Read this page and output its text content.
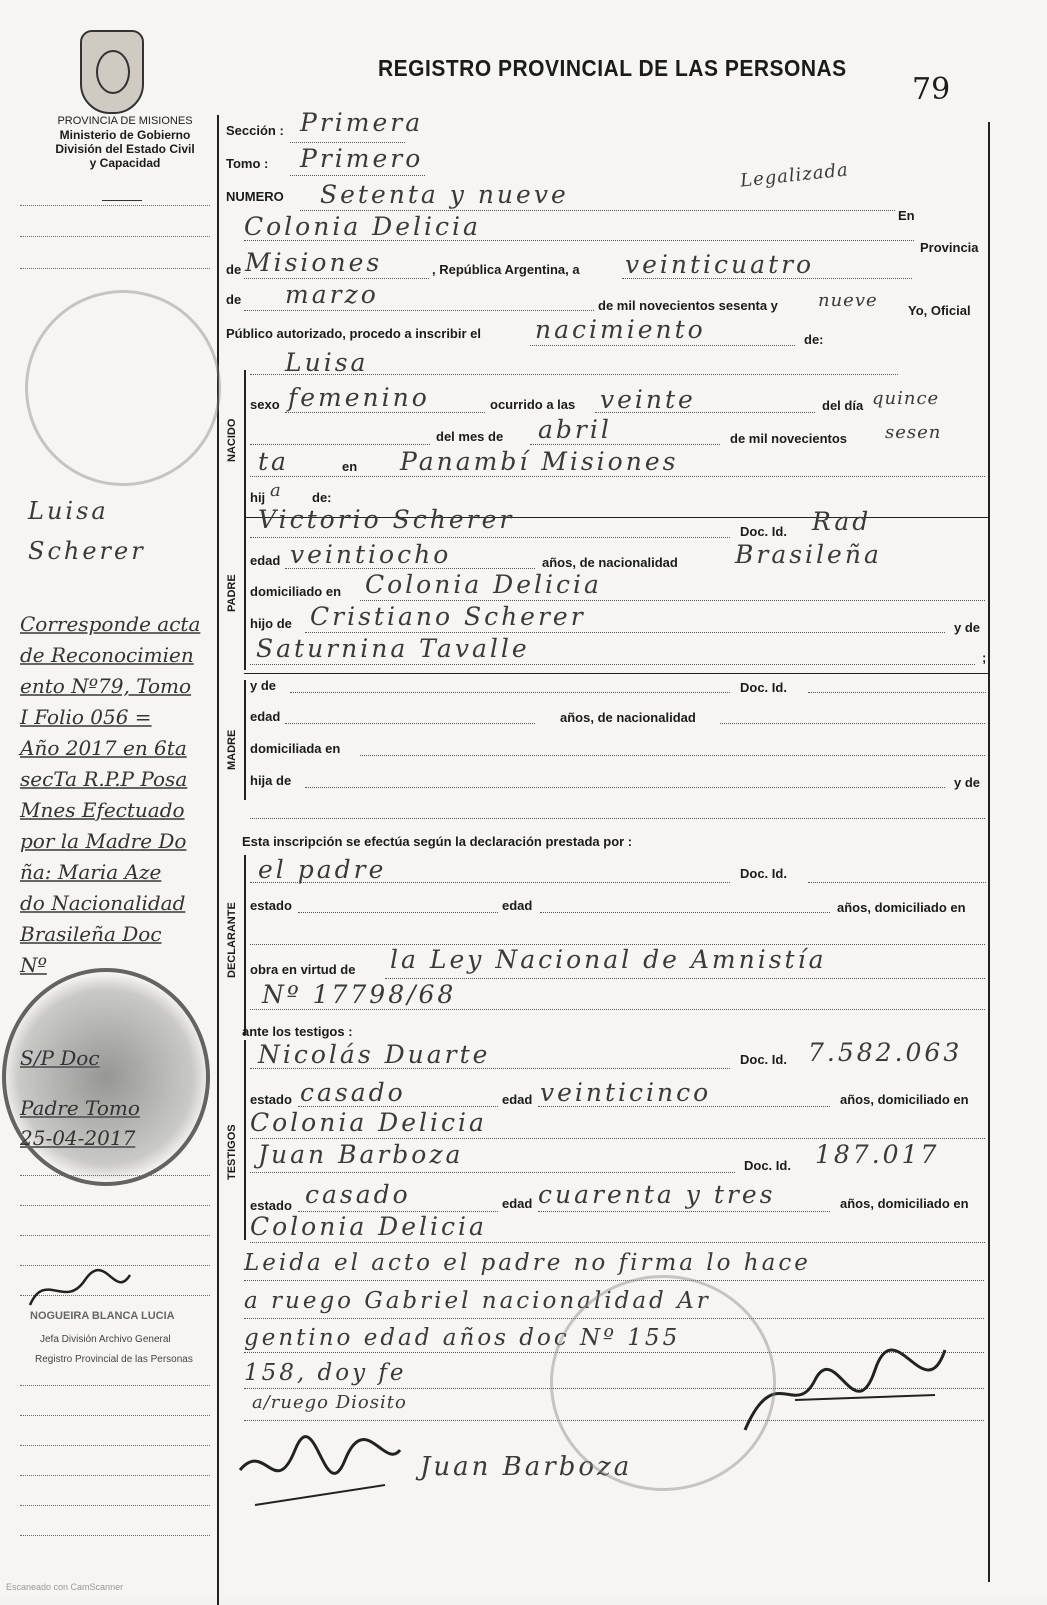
PROVINCIA DE MISIONES
Ministerio de Gobierno
División del Estado Civil
y Capacidad
REGISTRO PROVINCIAL DE LAS PERSONAS
79
NACIDO
PADRE
MADRE
DECLARANTE
TESTIGOS
Sección : Primera
Tomo : Primero
NUMERO Setenta y nueve
Legalizada
En
Colonia Delicia
Provincia
de Misiones	, República Argentina, a veinticuatro
de marzo	de mil novecientos sesenta y nueve Yo, Oficial
Público autorizado, procedo a inscribir el nacimiento	de:
Luisa
sexo femenino	ocurrido a las veinte	del día quince
del mes de abril	de mil novecientos sesen
ta	en Panambí Misiones
hij a de:
Victorio Scherer	Doc. Id. Rad
edad veintiocho	años, de nacionalidad Brasileña
domiciliado en Colonia Delicia
hijo de Cristiano Scherer	y de
Saturnina Tavalle	;
y de	Doc. Id.
edad	años, de nacionalidad
domiciliada en
hija de	y de
Esta inscripción se efectúa según la declaración prestada por :
el padre	Doc. Id.
estado	edad	años, domiciliado en
obra en virtud de la Ley Nacional de Amnistía
Nº 17798/68
ante los testigos :
Nicolás Duarte	Doc. Id. 7.582.063
estado casado	edad veinticinco	años, domiciliado en
Colonia Delicia
Juan Barboza	Doc. Id. 187.017
estado casado	edad cuarenta y tres	años, domiciliado en
Colonia Delicia
Leida el acto el padre no firma lo hace
a ruego Gabriel nacionalidad Ar
gentino edad años doc Nº 155
158, doy fe
a/ruego Diosito
Juan Barboza
Luisa
Scherer
Corresponde acta
de Reconocimien
ento Nº79, Tomo
I Folio 056 =
Año 2017 en 6ta
secTa R.P.P Posa
Mnes Efectuado
por la Madre Do
ña: Maria Aze
do Nacionalidad
Brasileña Doc
Nº
S/P Doc
Padre Tomo
25-04-2017
NOGUEIRA BLANCA LUCIA
Jefa División Archivo General
Registro Provincial de las Personas
Escaneado con CamScanner
